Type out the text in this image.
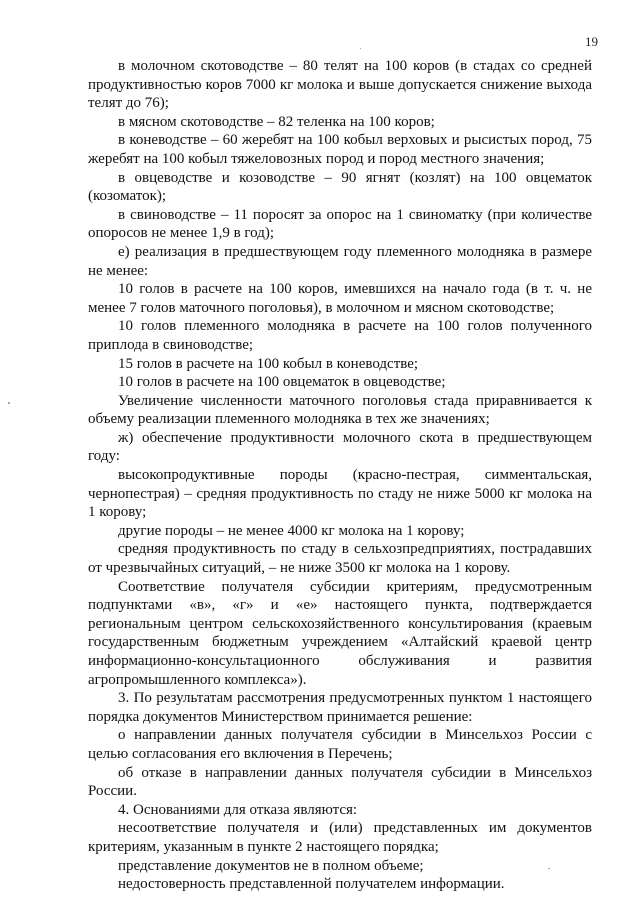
19

в молочном скотоводстве – 80 телят на 100 коров (в стадах со средней продуктивностью коров 7000 кг молока и выше допускается снижение выхода телят до 76);

в мясном скотоводстве – 82 теленка на 100 коров;

в коневодстве – 60 жеребят на 100 кобыл верховых и рысистых пород, 75 жеребят на 100 кобыл тяжеловозных пород и пород местного значения;

в овцеводстве и козоводстве – 90 ягнят (козлят) на 100 овцематок (козоматок);

в свиноводстве – 11 поросят за опорос на 1 свиноматку (при количестве опоросов не менее 1,9 в год);

е) реализация в предшествующем году племенного молодняка в размере не менее:

10 голов в расчете на 100 коров, имевшихся на начало года (в т. ч. не менее 7 голов маточного поголовья), в молочном и мясном скотоводстве;

10 голов племенного молодняка в расчете на 100 голов полученного приплода в свиноводстве;

15 голов в расчете на 100 кобыл в коневодстве;

10 голов в расчете на 100 овцематок в овцеводстве;

Увеличение численности маточного поголовья стада приравнивается к объему реализации племенного молодняка в тех же значениях;

ж) обеспечение продуктивности молочного скота в предшествующем году:

высокопродуктивные породы (красно-пестрая, симментальская, чернопестрая) – средняя продуктивность по стаду не ниже 5000 кг молока на 1 корову;

другие породы – не менее 4000 кг молока на 1 корову;

средняя продуктивность по стаду в сельхозпредприятиях, пострадавших от чрезвычайных ситуаций, – не ниже 3500 кг молока на 1 корову.

Соответствие получателя субсидии критериям, предусмотренным подпунктами «в», «г» и «е» настоящего пункта, подтверждается региональным центром сельскохозяйственного консультирования (краевым государственным бюджетным учреждением «Алтайский краевой центр информационно-консультационного обслуживания и развития агропромышленного комплекса»).

3. По результатам рассмотрения предусмотренных пунктом 1 настоящего порядка документов Министерством принимается решение:

о направлении данных получателя субсидии в Минсельхоз России с целью согласования его включения в Перечень;

об отказе в направлении данных получателя субсидии в Минсельхоз России.

4. Основаниями для отказа являются:

несоответствие получателя и (или) представленных им документов критериям, указанным в пункте 2 настоящего порядка;

представление документов не в полном объеме;

недостоверность представленной получателем информации.
